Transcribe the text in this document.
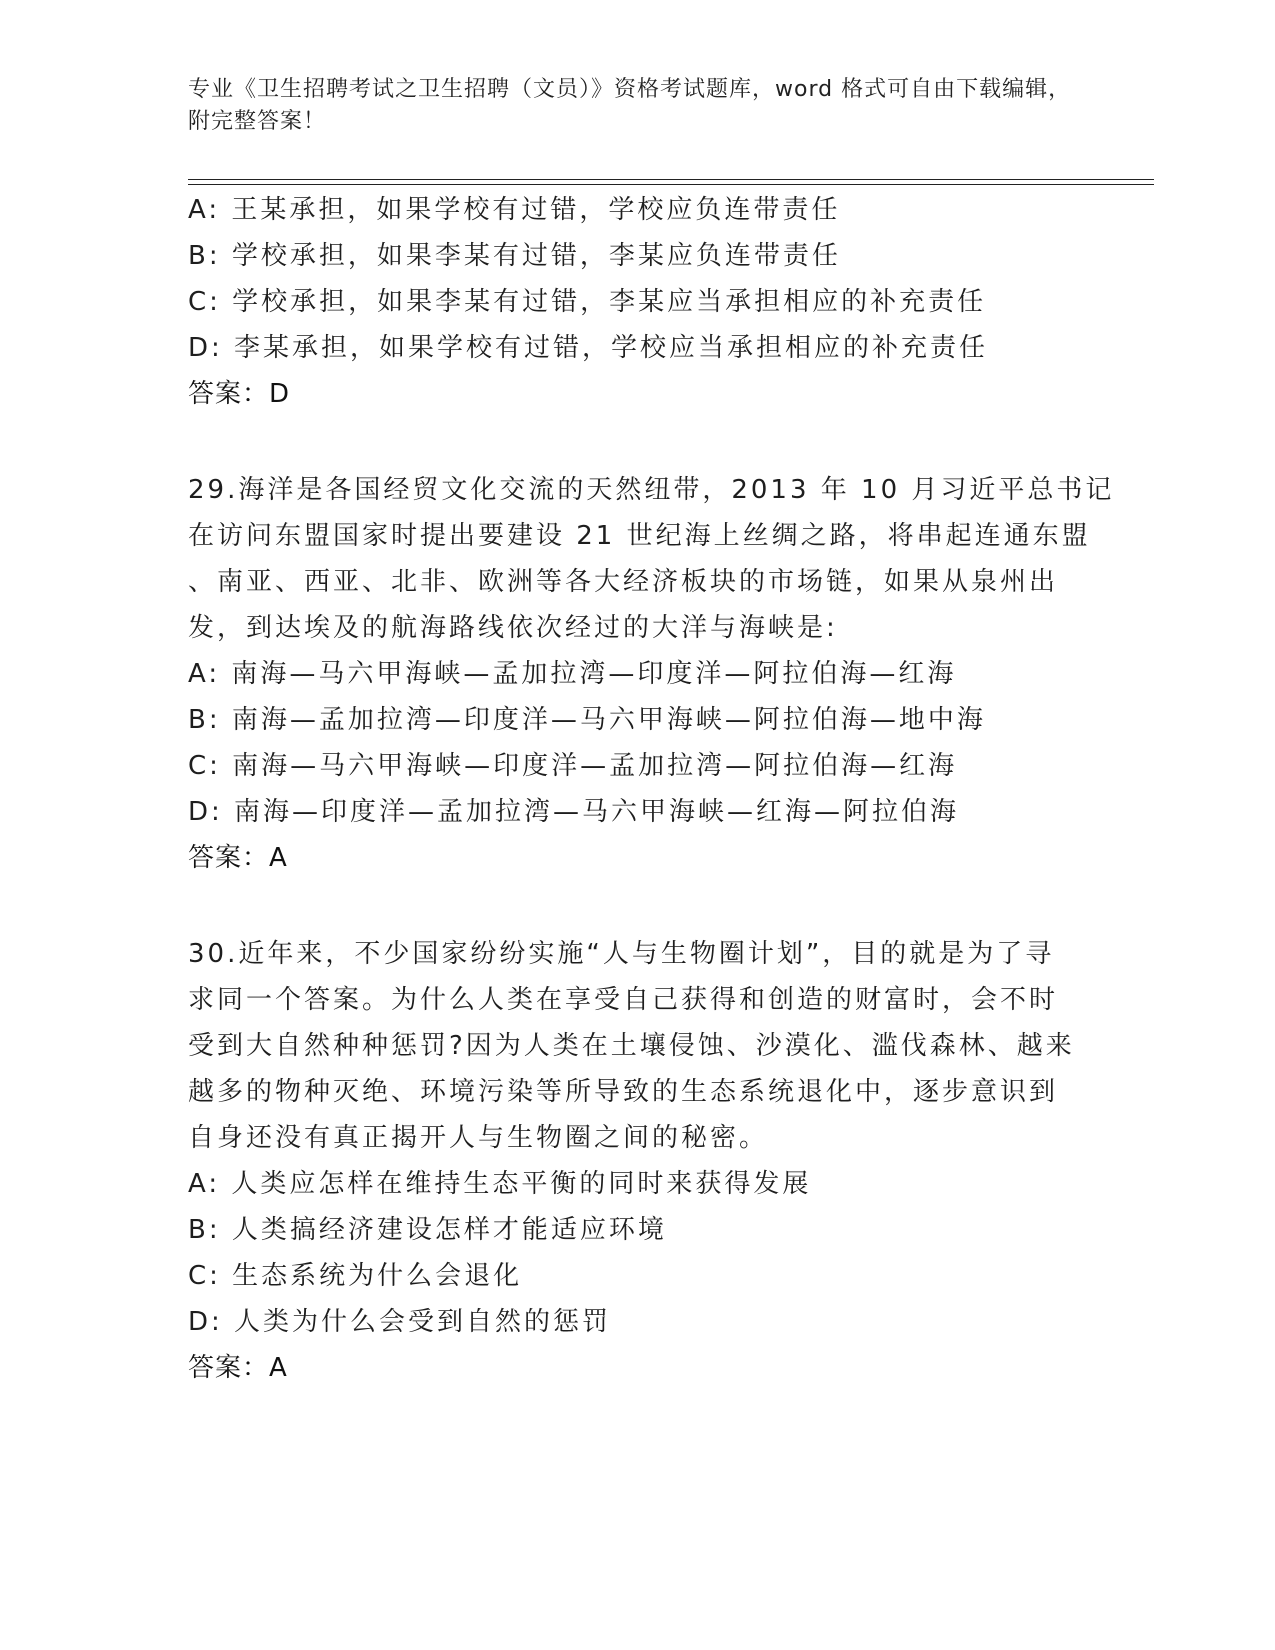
专业《卫生招聘考试之卫生招聘（文员）》资格考试题库，word 格式可自由下载编辑，附完整答案！
A: 王某承担，如果学校有过错，学校应负连带责任
B: 学校承担，如果李某有过错，李某应负连带责任
C: 学校承担，如果李某有过错，李某应当承担相应的补充责任
D: 李某承担，如果学校有过错，学校应当承担相应的补充责任
答案：D
29.海洋是各国经贸文化交流的天然纽带，2013 年 10 月习近平总书记
在访问东盟国家时提出要建设 21 世纪海上丝绸之路，将串起连通东盟
、南亚、西亚、北非、欧洲等各大经济板块的市场链，如果从泉州出
发，到达埃及的航海路线依次经过的大洋与海峡是:
A: 南海—马六甲海峡—孟加拉湾—印度洋—阿拉伯海—红海
B: 南海—孟加拉湾—印度洋—马六甲海峡—阿拉伯海—地中海
C: 南海—马六甲海峡—印度洋—孟加拉湾—阿拉伯海—红海
D: 南海—印度洋—孟加拉湾—马六甲海峡—红海—阿拉伯海
答案：A
30.近年来，不少国家纷纷实施“人与生物圈计划”，目的就是为了寻
求同一个答案。为什么人类在享受自己获得和创造的财富时，会不时
受到大自然种种惩罚?因为人类在土壤侵蚀、沙漠化、滥伐森林、越来
越多的物种灭绝、环境污染等所导致的生态系统退化中，逐步意识到
自身还没有真正揭开人与生物圈之间的秘密。
A: 人类应怎样在维持生态平衡的同时来获得发展
B: 人类搞经济建设怎样才能适应环境
C: 生态系统为什么会退化
D: 人类为什么会受到自然的惩罚
答案：A
